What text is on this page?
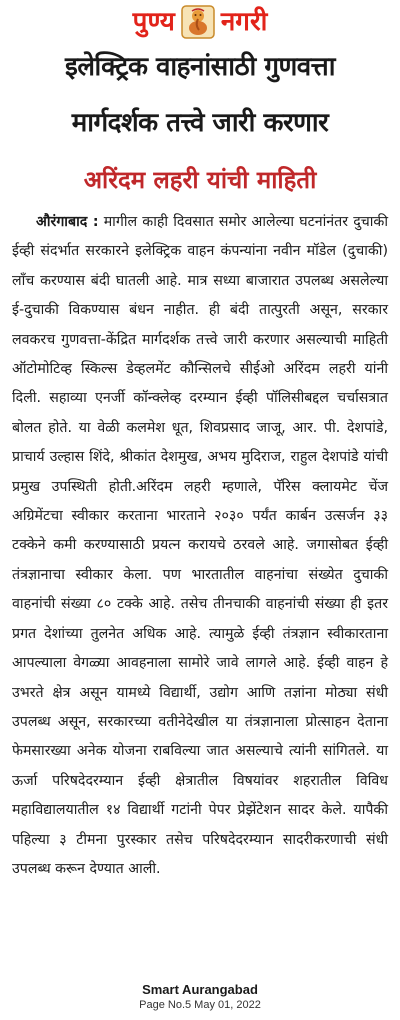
पुण्य नगरी
इलेक्ट्रिक वाहनांसाठी गुणवत्ता
मार्गदर्शक तत्त्वे जारी करणार
अरिंदम लहरी यांची माहिती

औरंगाबाद : मागील काही दिवसात समोर आलेल्या घटनांनंतर दुचाकी ईव्ही संदर्भात सरकारने इलेक्ट्रिक वाहन कंपन्यांना नवीन मॉडेल (दुचाकी) लाँच करण्यास बंदी घातली आहे. मात्र सध्या बाजारात उपलब्ध असलेल्या ई-दुचाकी विकण्यास बंधन नाहीत. ही बंदी तात्पुरती असून, सरकार लवकरच गुणवत्ता-केंद्रित मार्गदर्शक तत्त्वे जारी करणार असल्याची माहिती ऑटोमोटिव्ह स्किल्स डेव्हलमेंट कौन्सिलचे सीईओ अरिंदम लहरी यांनी दिली. सहाव्या एनर्जी कॉन्क्लेव्ह दरम्यान ईव्ही पॉलिसीबद्दल चर्चासत्रात बोलत होते. या वेळी कलमेश धूत, शिवप्रसाद जाजू, आर. पी. देशपांडे, प्राचार्य उल्हास शिंदे, श्रीकांत देशमुख, अभय मुदिराज, राहुल देशपांडे यांची प्रमुख उपस्थिती होती.अरिंदम लहरी म्हणाले, पॅरिस क्लायमेट चेंज अग्रिमेंटचा स्वीकार करताना भारताने २०३० पर्यंत कार्बन उत्सर्जन ३३ टक्केने कमी करण्यासाठी प्रयत्न करायचे ठरवले आहे. जगासोबत ईव्ही तंत्रज्ञानाचा स्वीकार केला. पण भारतातील वाहनांचा संख्येत दुचाकी वाहनांची संख्या ८० टक्के आहे. तसेच तीनचाकी वाहनांची संख्या ही इतर प्रगत देशांच्या तुलनेत अधिक आहे. त्यामुळे ईव्ही तंत्रज्ञान स्वीकारताना आपल्याला वेगळ्या आवहनाला सामोरे जावे लागले आहे. ईव्ही वाहन हे उभरते क्षेत्र असून यामध्ये विद्यार्थी, उद्योग आणि तज्ञांना मोठ्या संधी उपलब्ध असून, सरकारच्या वतीनेदेखील या तंत्रज्ञानाला प्रोत्साहन देताना फेमसारख्या अनेक योजना राबविल्या जात असल्याचे त्यांनी सांगितले. या ऊर्जा परिषदेदरम्यान ईव्ही क्षेत्रातील विषयांवर शहरातील विविध महाविद्यालयातील १४ विद्यार्थी गटांनी पेपर प्रेझेंटेशन सादर केले. यापैकी पहिल्या ३ टीमना पुरस्कार तसेच परिषदेदरम्यान सादरीकरणाची संधी उपलब्ध करून देण्यात आली.

Smart Aurangabad
Page No.5 May 01, 2022
